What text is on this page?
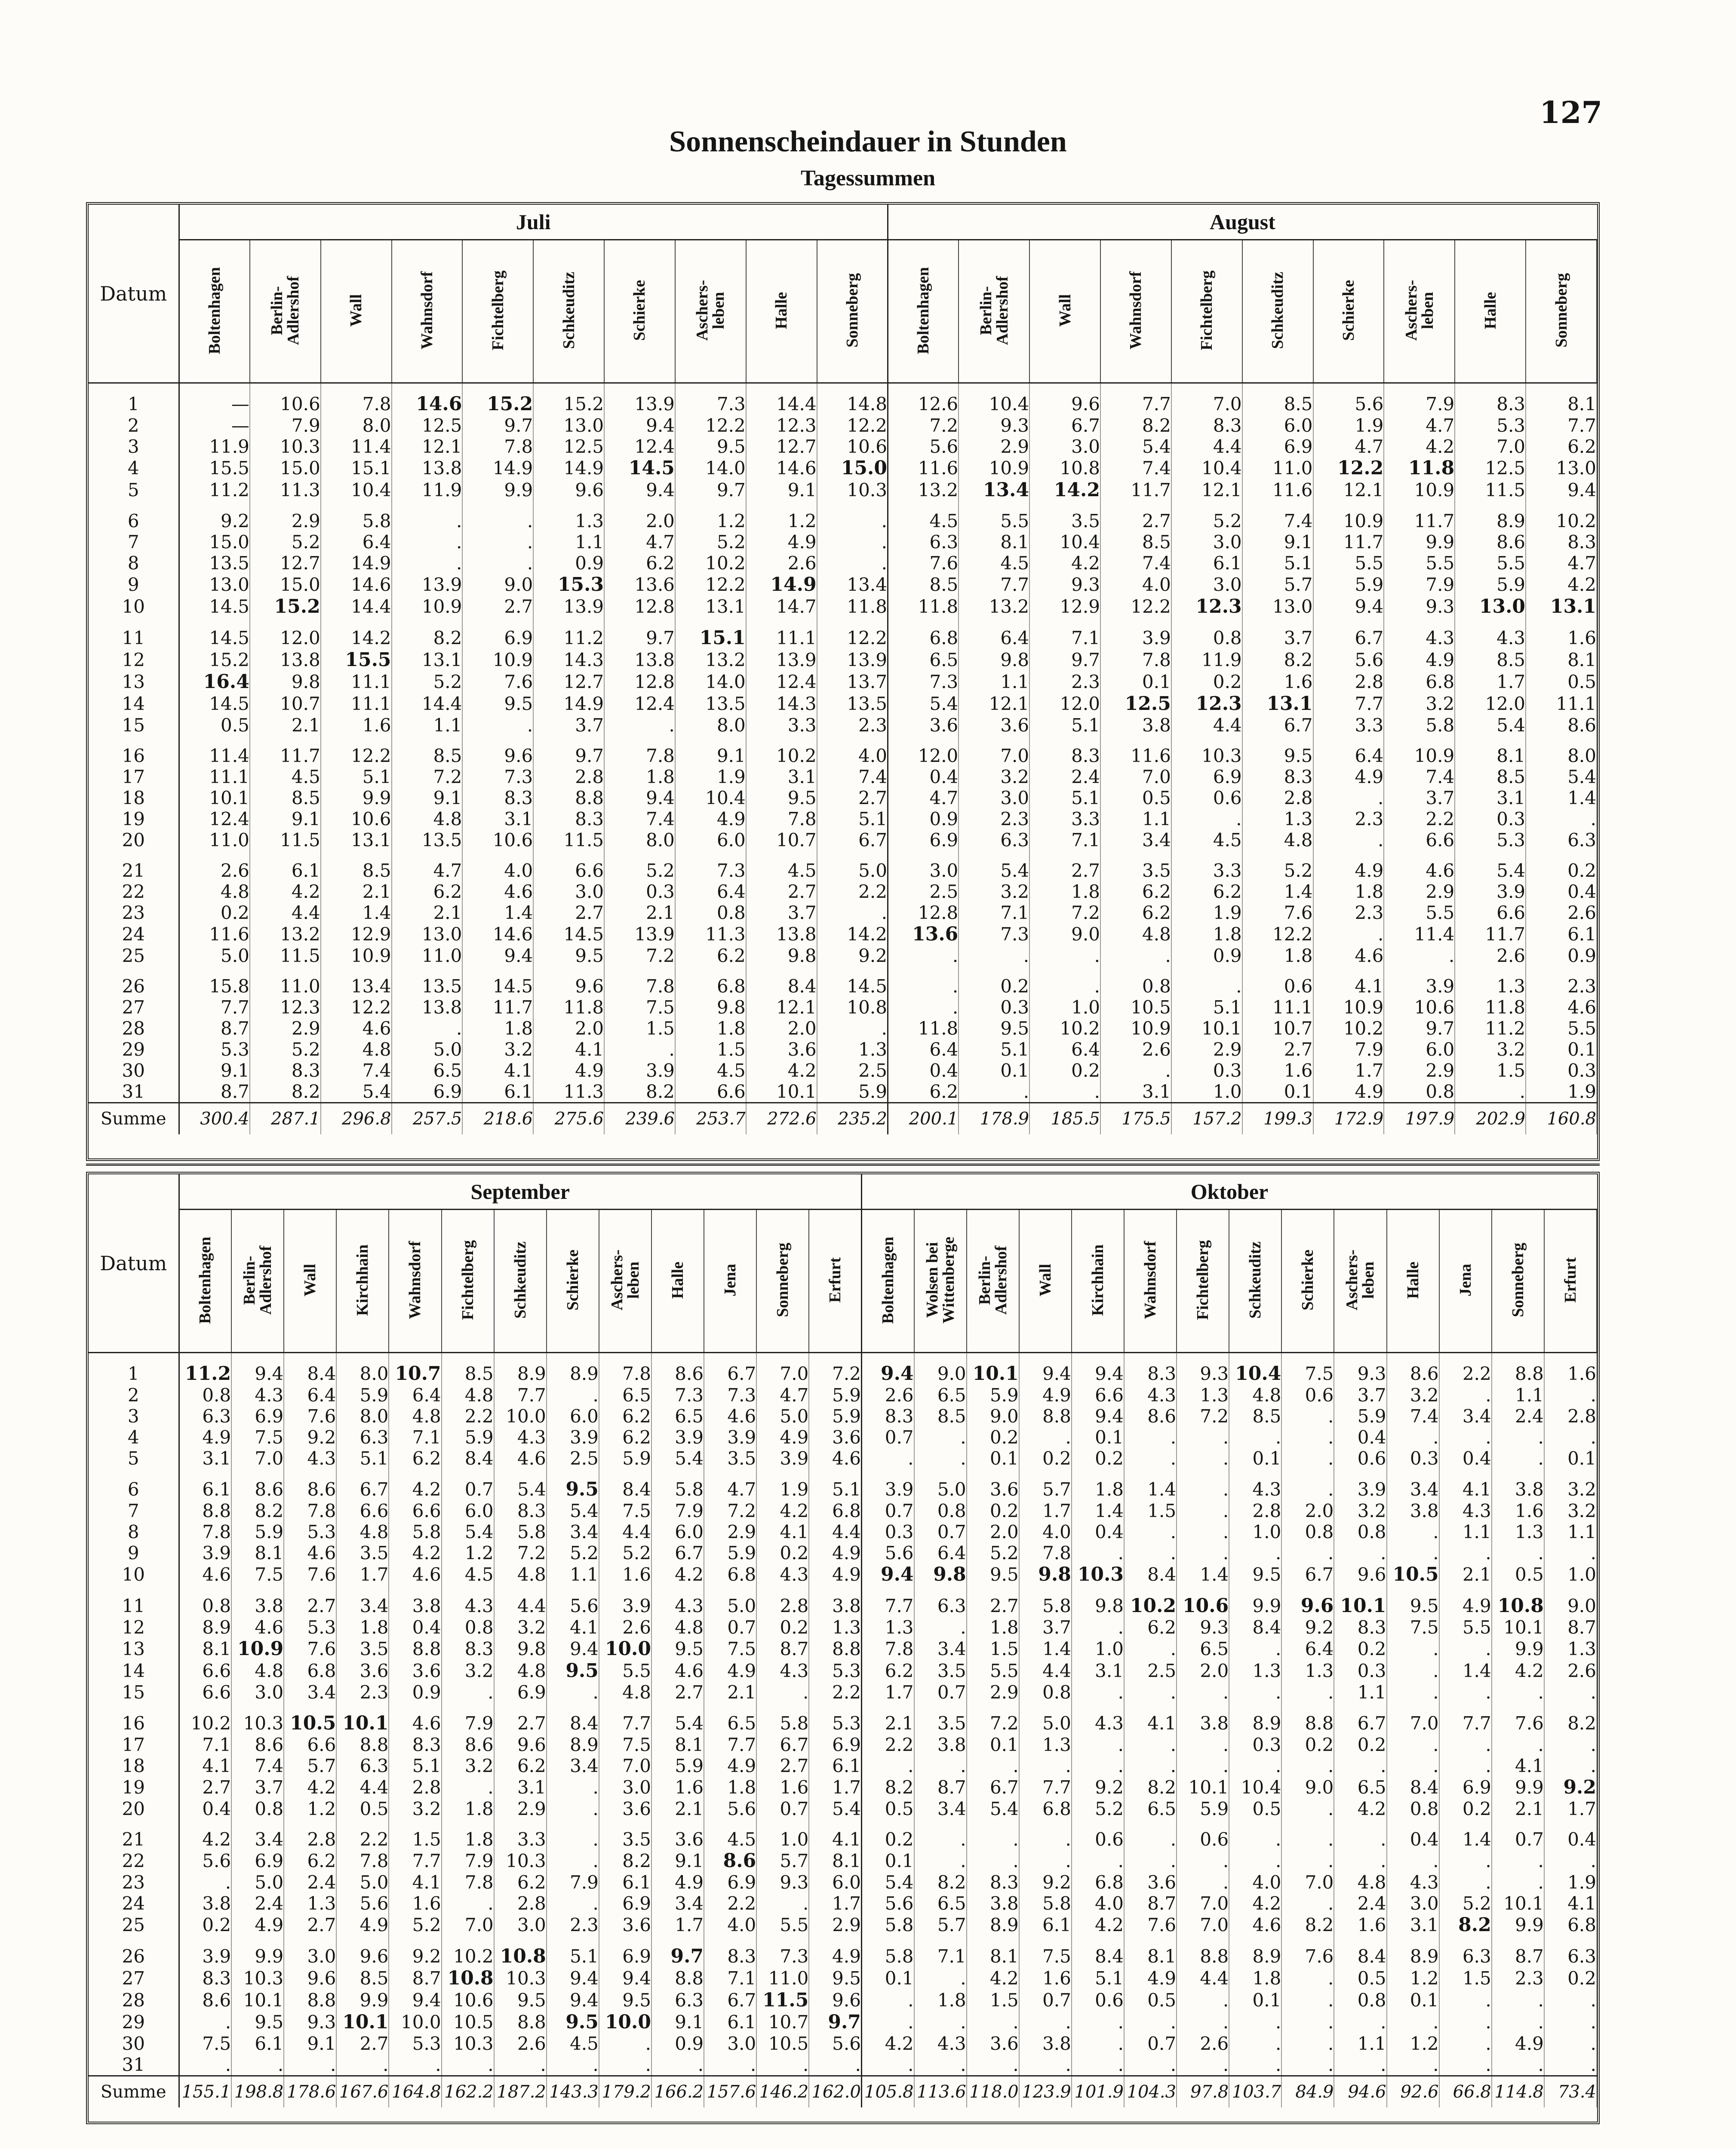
127
Sonnenscheindauer in Stunden
Tagessummen
Datum	Juli										August									
	Boltenhagen	Berlin-
Adlershof	Wall	Wahnsdorf	Fichtelberg	Schkeuditz	Schierke	Aschers-
leben	Halle	Sonneberg	Boltenhagen	Berlin-
Adlershof	Wall	Wahnsdorf	Fichtelberg	Schkeuditz	Schierke	Aschers-
leben	Halle	Sonneberg

1	—	10.6	7.8	14.6	15.2	15.2	13.9	7.3	14.4	14.8	12.6	10.4	9.6	7.7	7.0	8.5	5.6	7.9	8.3	8.1
2	—	7.9	8.0	12.5	9.7	13.0	9.4	12.2	12.3	12.2	7.2	9.3	6.7	8.2	8.3	6.0	1.9	4.7	5.3	7.7
3	11.9	10.3	11.4	12.1	7.8	12.5	12.4	9.5	12.7	10.6	5.6	2.9	3.0	5.4	4.4	6.9	4.7	4.2	7.0	6.2
4	15.5	15.0	15.1	13.8	14.9	14.9	14.5	14.0	14.6	15.0	11.6	10.9	10.8	7.4	10.4	11.0	12.2	11.8	12.5	13.0
5	11.2	11.3	10.4	11.9	9.9	9.6	9.4	9.7	9.1	10.3	13.2	13.4	14.2	11.7	12.1	11.6	12.1	10.9	11.5	9.4

6	9.2	2.9	5.8	.	.	1.3	2.0	1.2	1.2	.	4.5	5.5	3.5	2.7	5.2	7.4	10.9	11.7	8.9	10.2
7	15.0	5.2	6.4	.	.	1.1	4.7	5.2	4.9	.	6.3	8.1	10.4	8.5	3.0	9.1	11.7	9.9	8.6	8.3
8	13.5	12.7	14.9	.	.	0.9	6.2	10.2	2.6	.	7.6	4.5	4.2	7.4	6.1	5.1	5.5	5.5	5.5	4.7
9	13.0	15.0	14.6	13.9	9.0	15.3	13.6	12.2	14.9	13.4	8.5	7.7	9.3	4.0	3.0	5.7	5.9	7.9	5.9	4.2
10	14.5	15.2	14.4	10.9	2.7	13.9	12.8	13.1	14.7	11.8	11.8	13.2	12.9	12.2	12.3	13.0	9.4	9.3	13.0	13.1

11	14.5	12.0	14.2	8.2	6.9	11.2	9.7	15.1	11.1	12.2	6.8	6.4	7.1	3.9	0.8	3.7	6.7	4.3	4.3	1.6
12	15.2	13.8	15.5	13.1	10.9	14.3	13.8	13.2	13.9	13.9	6.5	9.8	9.7	7.8	11.9	8.2	5.6	4.9	8.5	8.1
13	16.4	9.8	11.1	5.2	7.6	12.7	12.8	14.0	12.4	13.7	7.3	1.1	2.3	0.1	0.2	1.6	2.8	6.8	1.7	0.5
14	14.5	10.7	11.1	14.4	9.5	14.9	12.4	13.5	14.3	13.5	5.4	12.1	12.0	12.5	12.3	13.1	7.7	3.2	12.0	11.1
15	0.5	2.1	1.6	1.1	.	3.7	.	8.0	3.3	2.3	3.6	3.6	5.1	3.8	4.4	6.7	3.3	5.8	5.4	8.6

16	11.4	11.7	12.2	8.5	9.6	9.7	7.8	9.1	10.2	4.0	12.0	7.0	8.3	11.6	10.3	9.5	6.4	10.9	8.1	8.0
17	11.1	4.5	5.1	7.2	7.3	2.8	1.8	1.9	3.1	7.4	0.4	3.2	2.4	7.0	6.9	8.3	4.9	7.4	8.5	5.4
18	10.1	8.5	9.9	9.1	8.3	8.8	9.4	10.4	9.5	2.7	4.7	3.0	5.1	0.5	0.6	2.8	.	3.7	3.1	1.4
19	12.4	9.1	10.6	4.8	3.1	8.3	7.4	4.9	7.8	5.1	0.9	2.3	3.3	1.1	.	1.3	2.3	2.2	0.3	.
20	11.0	11.5	13.1	13.5	10.6	11.5	8.0	6.0	10.7	6.7	6.9	6.3	7.1	3.4	4.5	4.8	.	6.6	5.3	6.3

21	2.6	6.1	8.5	4.7	4.0	6.6	5.2	7.3	4.5	5.0	3.0	5.4	2.7	3.5	3.3	5.2	4.9	4.6	5.4	0.2
22	4.8	4.2	2.1	6.2	4.6	3.0	0.3	6.4	2.7	2.2	2.5	3.2	1.8	6.2	6.2	1.4	1.8	2.9	3.9	0.4
23	0.2	4.4	1.4	2.1	1.4	2.7	2.1	0.8	3.7	.	12.8	7.1	7.2	6.2	1.9	7.6	2.3	5.5	6.6	2.6
24	11.6	13.2	12.9	13.0	14.6	14.5	13.9	11.3	13.8	14.2	13.6	7.3	9.0	4.8	1.8	12.2	.	11.4	11.7	6.1
25	5.0	11.5	10.9	11.0	9.4	9.5	7.2	6.2	9.8	9.2	.	.	.	.	0.9	1.8	4.6	.	2.6	0.9

26	15.8	11.0	13.4	13.5	14.5	9.6	7.8	6.8	8.4	14.5	.	0.2	.	0.8	.	0.6	4.1	3.9	1.3	2.3
27	7.7	12.3	12.2	13.8	11.7	11.8	7.5	9.8	12.1	10.8	.	0.3	1.0	10.5	5.1	11.1	10.9	10.6	11.8	4.6
28	8.7	2.9	4.6	.	1.8	2.0	1.5	1.8	2.0	.	11.8	9.5	10.2	10.9	10.1	10.7	10.2	9.7	11.2	5.5
29	5.3	5.2	4.8	5.0	3.2	4.1	.	1.5	3.6	1.3	6.4	5.1	6.4	2.6	2.9	2.7	7.9	6.0	3.2	0.1
30	9.1	8.3	7.4	6.5	4.1	4.9	3.9	4.5	4.2	2.5	0.4	0.1	0.2	.	0.3	1.6	1.7	2.9	1.5	0.3
31	8.7	8.2	5.4	6.9	6.1	11.3	8.2	6.6	10.1	5.9	6.2	.	.	3.1	1.0	0.1	4.9	0.8	.	1.9
Summe	300.4	287.1	296.8	257.5	218.6	275.6	239.6	253.7	272.6	235.2	200.1	178.9	185.5	175.5	157.2	199.3	172.9	197.9	202.9	160.8
Datum	September													Oktober													
	Boltenhagen	Berlin-
Adlershof	Wall	Kirchhain	Wahnsdorf	Fichtelberg	Schkeuditz	Schierke	Aschers-
leben	Halle	Jena	Sonneberg	Erfurt	Boltenhagen	Wolsen bei
Wittenberge	Berlin-
Adlershof	Wall	Kirchhain	Wahnsdorf	Fichtelberg	Schkeuditz	Schierke	Aschers-
leben	Halle	Jena	Sonneberg	Erfurt

1	11.2	9.4	8.4	8.0	10.7	8.5	8.9	8.9	7.8	8.6	6.7	7.0	7.2	9.4	9.0	10.1	9.4	9.4	8.3	9.3	10.4	7.5	9.3	8.6	2.2	8.8	1.6
2	0.8	4.3	6.4	5.9	6.4	4.8	7.7	.	6.5	7.3	7.3	4.7	5.9	2.6	6.5	5.9	4.9	6.6	4.3	1.3	4.8	0.6	3.7	3.2	.	1.1	.
3	6.3	6.9	7.6	8.0	4.8	2.2	10.0	6.0	6.2	6.5	4.6	5.0	5.9	8.3	8.5	9.0	8.8	9.4	8.6	7.2	8.5	.	5.9	7.4	3.4	2.4	2.8
4	4.9	7.5	9.2	6.3	7.1	5.9	4.3	3.9	6.2	3.9	3.9	4.9	3.6	0.7	.	0.2	.	0.1	.	.	.	.	0.4	.	.	.	.
5	3.1	7.0	4.3	5.1	6.2	8.4	4.6	2.5	5.9	5.4	3.5	3.9	4.6	.	.	0.1	0.2	0.2	.	.	0.1	.	0.6	0.3	0.4	.	0.1

6	6.1	8.6	8.6	6.7	4.2	0.7	5.4	9.5	8.4	5.8	4.7	1.9	5.1	3.9	5.0	3.6	5.7	1.8	1.4	.	4.3	.	3.9	3.4	4.1	3.8	3.2
7	8.8	8.2	7.8	6.6	6.6	6.0	8.3	5.4	7.5	7.9	7.2	4.2	6.8	0.7	0.8	0.2	1.7	1.4	1.5	.	2.8	2.0	3.2	3.8	4.3	1.6	3.2
8	7.8	5.9	5.3	4.8	5.8	5.4	5.8	3.4	4.4	6.0	2.9	4.1	4.4	0.3	0.7	2.0	4.0	0.4	.	.	1.0	0.8	0.8	.	1.1	1.3	1.1
9	3.9	8.1	4.6	3.5	4.2	1.2	7.2	5.2	5.2	6.7	5.9	0.2	4.9	5.6	6.4	5.2	7.8	.	.	.	.	.	.	.	.	.	.
10	4.6	7.5	7.6	1.7	4.6	4.5	4.8	1.1	1.6	4.2	6.8	4.3	4.9	9.4	9.8	9.5	9.8	10.3	8.4	1.4	9.5	6.7	9.6	10.5	2.1	0.5	1.0

11	0.8	3.8	2.7	3.4	3.8	4.3	4.4	5.6	3.9	4.3	5.0	2.8	3.8	7.7	6.3	2.7	5.8	9.8	10.2	10.6	9.9	9.6	10.1	9.5	4.9	10.8	9.0
12	8.9	4.6	5.3	1.8	0.4	0.8	3.2	4.1	2.6	4.8	0.7	0.2	1.3	1.3	.	1.8	3.7	.	6.2	9.3	8.4	9.2	8.3	7.5	5.5	10.1	8.7
13	8.1	10.9	7.6	3.5	8.8	8.3	9.8	9.4	10.0	9.5	7.5	8.7	8.8	7.8	3.4	1.5	1.4	1.0	.	6.5	.	6.4	0.2	.	.	9.9	1.3
14	6.6	4.8	6.8	3.6	3.6	3.2	4.8	9.5	5.5	4.6	4.9	4.3	5.3	6.2	3.5	5.5	4.4	3.1	2.5	2.0	1.3	1.3	0.3	.	1.4	4.2	2.6
15	6.6	3.0	3.4	2.3	0.9	.	6.9	.	4.8	2.7	2.1	.	2.2	1.7	0.7	2.9	0.8	.	.	.	.	.	1.1	.	.	.	.

16	10.2	10.3	10.5	10.1	4.6	7.9	2.7	8.4	7.7	5.4	6.5	5.8	5.3	2.1	3.5	7.2	5.0	4.3	4.1	3.8	8.9	8.8	6.7	7.0	7.7	7.6	8.2
17	7.1	8.6	6.6	8.8	8.3	8.6	9.6	8.9	7.5	8.1	7.7	6.7	6.9	2.2	3.8	0.1	1.3	.	.	.	0.3	0.2	0.2	.	.	.	.
18	4.1	7.4	5.7	6.3	5.1	3.2	6.2	3.4	7.0	5.9	4.9	2.7	6.1	.	.	.	.	.	.	.	.	.	.	.	.	4.1	.
19	2.7	3.7	4.2	4.4	2.8	.	3.1	.	3.0	1.6	1.8	1.6	1.7	8.2	8.7	6.7	7.7	9.2	8.2	10.1	10.4	9.0	6.5	8.4	6.9	9.9	9.2
20	0.4	0.8	1.2	0.5	3.2	1.8	2.9	.	3.6	2.1	5.6	0.7	5.4	0.5	3.4	5.4	6.8	5.2	6.5	5.9	0.5	.	4.2	0.8	0.2	2.1	1.7

21	4.2	3.4	2.8	2.2	1.5	1.8	3.3	.	3.5	3.6	4.5	1.0	4.1	0.2	.	.	.	0.6	.	0.6	.	.	.	0.4	1.4	0.7	0.4
22	5.6	6.9	6.2	7.8	7.7	7.9	10.3	.	8.2	9.1	8.6	5.7	8.1	0.1	.	.	.	.	.	.	.	.	.	.	.	.	.
23	.	5.0	2.4	5.0	4.1	7.8	6.2	7.9	6.1	4.9	6.9	9.3	6.0	5.4	8.2	8.3	9.2	6.8	3.6	.	4.0	7.0	4.8	4.3	.	.	1.9
24	3.8	2.4	1.3	5.6	1.6	.	2.8	.	6.9	3.4	2.2	.	1.7	5.6	6.5	3.8	5.8	4.0	8.7	7.0	4.2	.	2.4	3.0	5.2	10.1	4.1
25	0.2	4.9	2.7	4.9	5.2	7.0	3.0	2.3	3.6	1.7	4.0	5.5	2.9	5.8	5.7	8.9	6.1	4.2	7.6	7.0	4.6	8.2	1.6	3.1	8.2	9.9	6.8

26	3.9	9.9	3.0	9.6	9.2	10.2	10.8	5.1	6.9	9.7	8.3	7.3	4.9	5.8	7.1	8.1	7.5	8.4	8.1	8.8	8.9	7.6	8.4	8.9	6.3	8.7	6.3
27	8.3	10.3	9.6	8.5	8.7	10.8	10.3	9.4	9.4	8.8	7.1	11.0	9.5	0.1	.	4.2	1.6	5.1	4.9	4.4	1.8	.	0.5	1.2	1.5	2.3	0.2
28	8.6	10.1	8.8	9.9	9.4	10.6	9.5	9.4	9.5	6.3	6.7	11.5	9.6	.	1.8	1.5	0.7	0.6	0.5	.	0.1	.	0.8	0.1	.	.	.
29	.	9.5	9.3	10.1	10.0	10.5	8.8	9.5	10.0	9.1	6.1	10.7	9.7	.	.	.	.	.	.	.	.	.	.	.	.	.	.
30	7.5	6.1	9.1	2.7	5.3	10.3	2.6	4.5	.	0.9	3.0	10.5	5.6	4.2	4.3	3.6	3.8	.	0.7	2.6	.	.	1.1	1.2	.	4.9	.
31	.	.	.	.	.	.	.	.	.	.	.	.	.	.	.	.	.	.	.	.	.	.	.	.	.	.	.
Summe	155.1	198.8	178.6	167.6	164.8	162.2	187.2	143.3	179.2	166.2	157.6	146.2	162.0	105.8	113.6	118.0	123.9	101.9	104.3	97.8	103.7	84.9	94.6	92.6	66.8	114.8	73.4
